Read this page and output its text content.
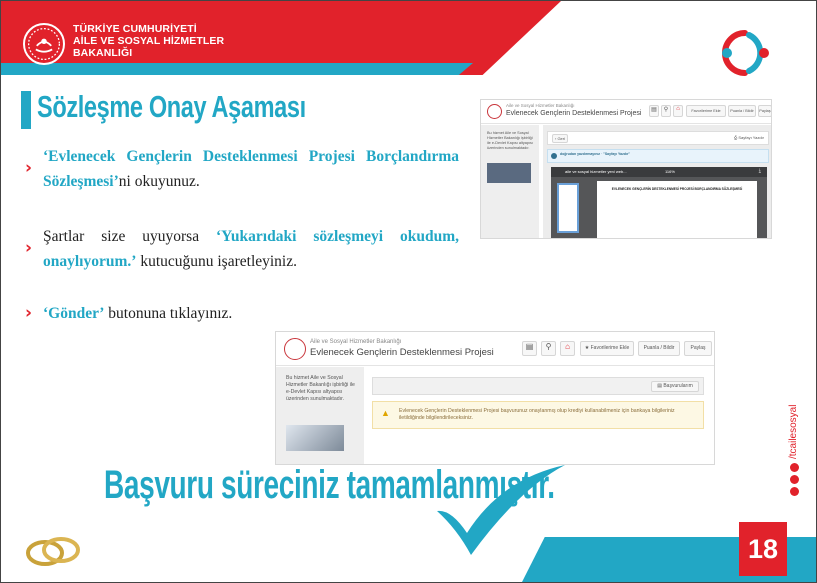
TÜRKİYE CUMHURİYETİ
AİLE VE SOSYAL HİZMETLER
BAKANLIĞI
Sözleşme Onay Aşaması
›
‘Evlenecek Gençlerin Desteklenmesi Projesi Borçlandırma Sözleşmesi’ni okuyunuz.
›
Şartlar size uyuyorsa ‘Yukarıdaki sözleşmeyi okudum, onaylıyorum.’ kutucuğunu işaretleyiniz.
› ‘Gönder’ butonuna tıklayınız.
Aile ve Sosyal Hizmetler Bakanlığı
Evlenecek Gençlerin Desteklenmesi Projesi	▤	⚲	⌂	Favorilerime Ekle	Puanla / Bildir	Paylaş
Bu hizmet Aile ve Sosyal Hizmetler Bakanlığı işbirliği ile e-Devlet Kapısı altyapısı üzerinden sunulmaktadır.
‹ Geri	⎙ Sayfayı Yazdır
doğrudan yazdırmayınız · "Sayfayı Yazdır"
aile ve sosyal hizmetler yeni web...	116%	⤓
EVLENECEK GENÇLERİN DESTEKLENMESİ PROJESİ BORÇLANDIRMA SÖZLEŞMESİ
Aile ve Sosyal Hizmetler Bakanlığı
Evlenecek Gençlerin Desteklenmesi Projesi
▤	⚲	⌂	★ Favorilerime Ekle	Puanla / Bildir	Paylaş
Bu hizmet Aile ve Sosyal Hizmetler Bakanlığı işbirliği ile e-Devlet Kapısı altyapısı üzerinden sunulmaktadır.
▤ Başvurularım
▲ Evlenecek Gençlerin Desteklenmesi Projesi başvurunuz onaylanmış olup krediyi kullanabilmeniz için bankaya bilgileriniz iletildiğinde bilgilendirileceksiniz.
Başvuru süreciniz tamamlanmıştır.
18
/tcailesosyal
